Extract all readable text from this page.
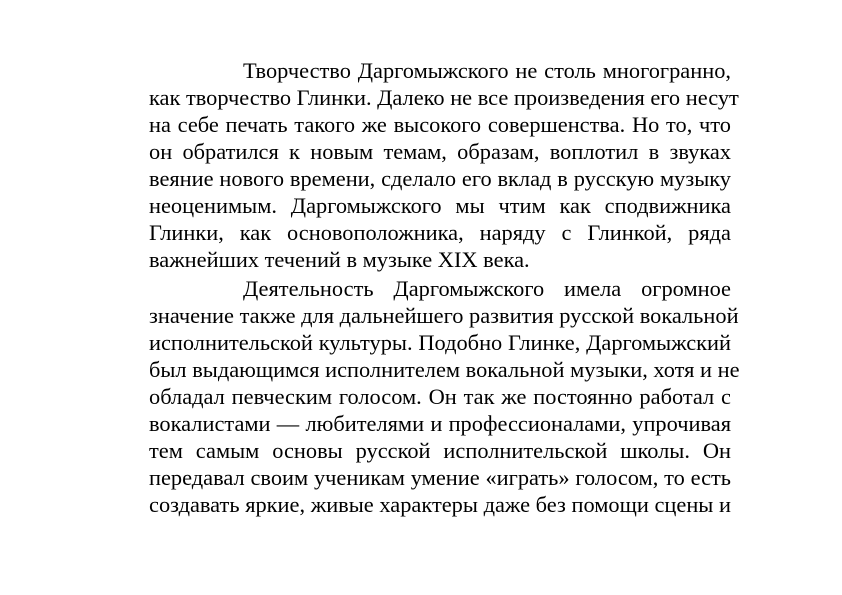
Творчество Даргомыжского не столь многогранно,
как творчество Глинки. Далеко не все произведения его несут
на себе печать такого же высокого совершенства. Но то, что
он обратился к новым темам, образам, воплотил в звуках
веяние нового времени, сделало его вклад в русскую музыку
неоценимым. Даргомыжского мы чтим как сподвижника
Глинки, как основоположника, наряду с Глинкой, ряда
важнейших течений в музыке XIX века.
Деятельность Даргомыжского имела огромное
значение также для дальнейшего развития русской вокальной
исполнительской культуры. Подобно Глинке, Даргомыжский
был выдающимся исполнителем вокальной музыки, хотя и не
обладал певческим голосом. Он так же постоянно работал с
вокалистами — любителями и профессионалами, упрочивая
тем самым основы русской исполнительской школы. Он
передавал своим ученикам умение «играть» голосом, то есть
создавать яркие, живые характеры даже без помощи сцены и
